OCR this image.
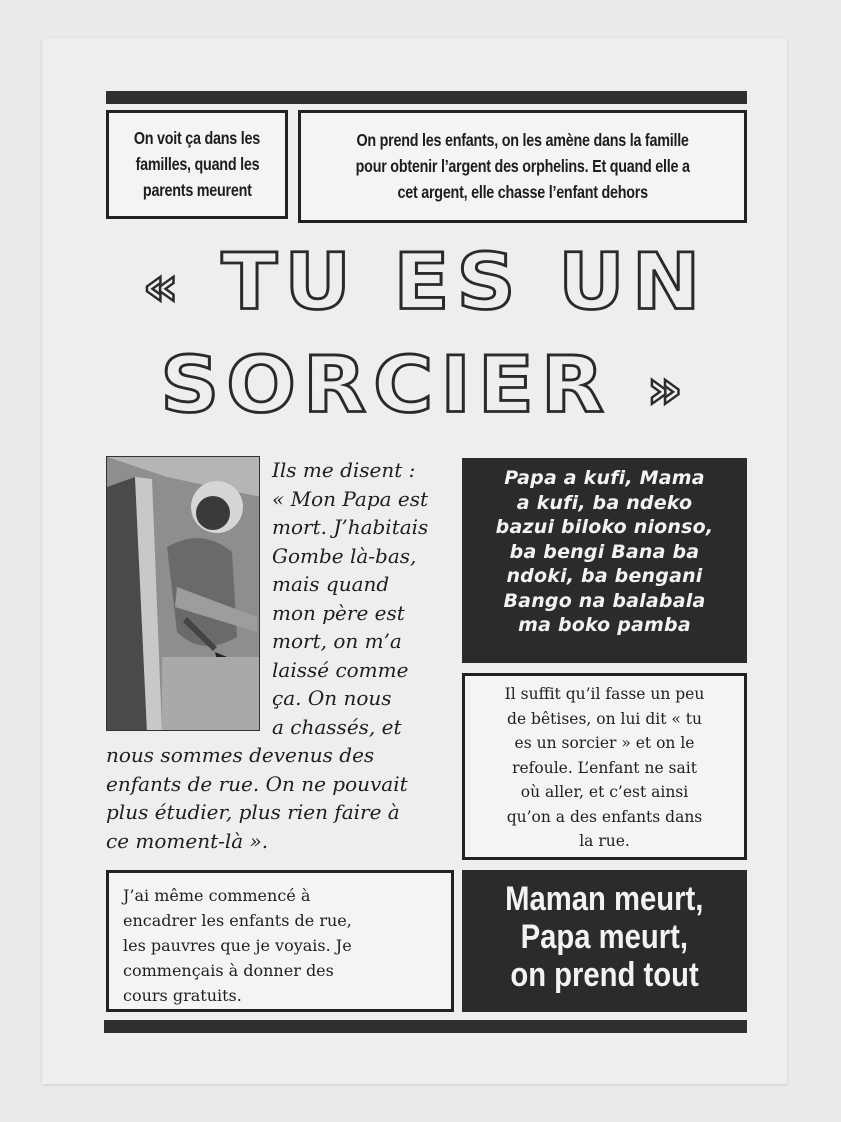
On voit ça dans les
familles, quand les
parents meurent
On prend les enfants, on les amène dans la famille
pour obtenir l’argent des orphelins. Et quand elle a
cet argent, elle chasse l’enfant dehors
« TU ES UN
SORCIER »
Ils me disent :
« Mon Papa est
mort. J’habitais
Gombe là-bas,
mais quand
mon père est
mort, on m’a
laissé comme
ça. On nous
a chassés, et
nous sommes devenus des
enfants de rue. On ne pouvait
plus étudier, plus rien faire à
ce moment-là ».
Papa a kufi, Mama
a kufi, ba ndeko
bazui biloko nionso,
ba bengi Bana ba
ndoki, ba bengani
Bango na balabala
ma boko pamba
Il suffit qu’il fasse un peu
de bêtises, on lui dit « tu
es un sorcier » et on le
refoule. L’enfant ne sait
où aller, et c’est ainsi
qu’on a des enfants dans
la rue.
J’ai même commencé à
encadrer les enfants de rue,
les pauvres que je voyais. Je
commençais à donner des
cours gratuits.
Maman meurt,
Papa meurt,
on prend tout
